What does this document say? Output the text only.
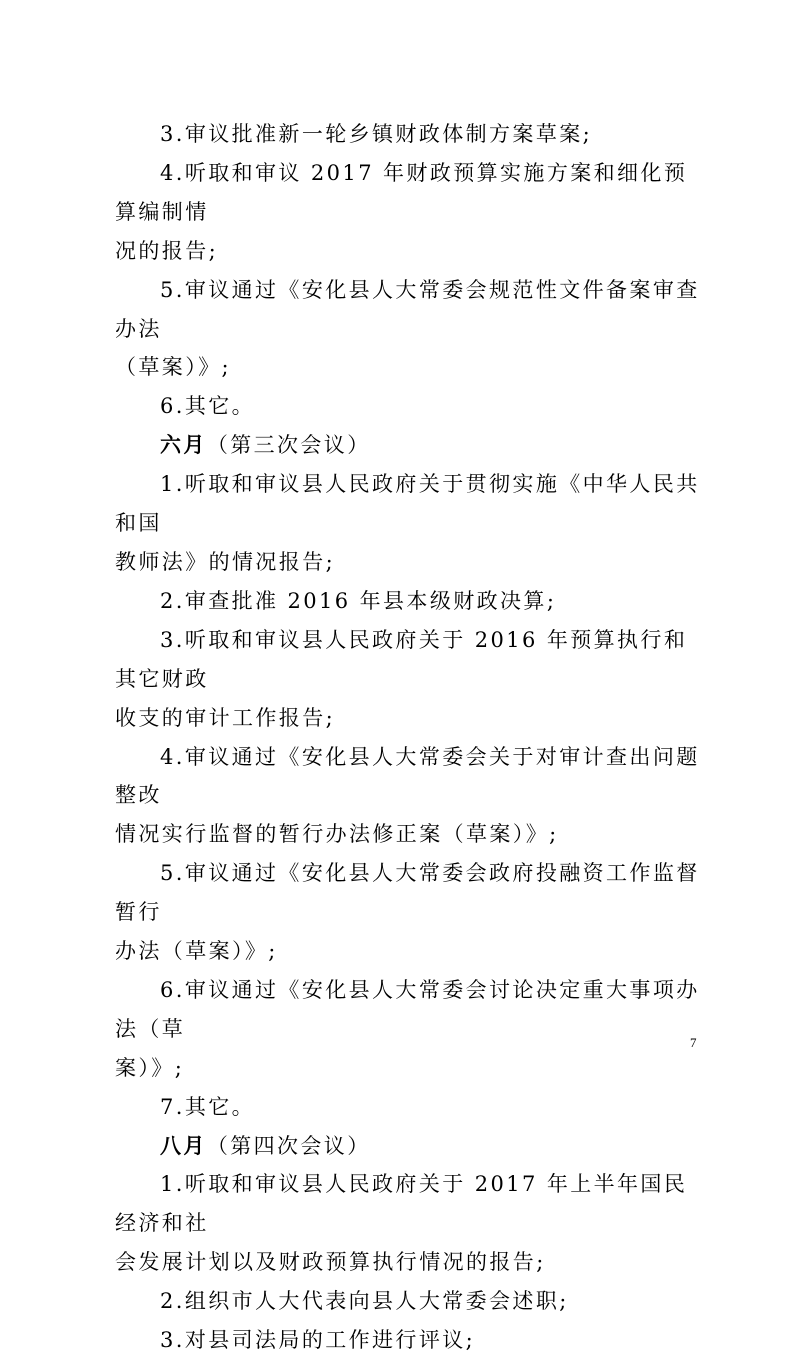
3.审议批准新一轮乡镇财政体制方案草案;

4.听取和审议 2017 年财政预算实施方案和细化预算编制情

况的报告;

5.审议通过《安化县人大常委会规范性文件备案审查办法

（草案）》;

6.其它。

六月（第三次会议）

1.听取和审议县人民政府关于贯彻实施《中华人民共和国

教师法》的情况报告;

2.审查批准 2016 年县本级财政决算;

3.听取和审议县人民政府关于 2016 年预算执行和其它财政

收支的审计工作报告;

4.审议通过《安化县人大常委会关于对审计查出问题整改

情况实行监督的暂行办法修正案（草案）》;

5.审议通过《安化县人大常委会政府投融资工作监督暂行

办法（草案）》;

6.审议通过《安化县人大常委会讨论决定重大事项办法（草

案）》;

7.其它。

八月（第四次会议）

1.听取和审议县人民政府关于 2017 年上半年国民经济和社

会发展计划以及财政预算执行情况的报告;

2.组织市人大代表向县人大常委会述职;

3.对县司法局的工作进行评议;

7
